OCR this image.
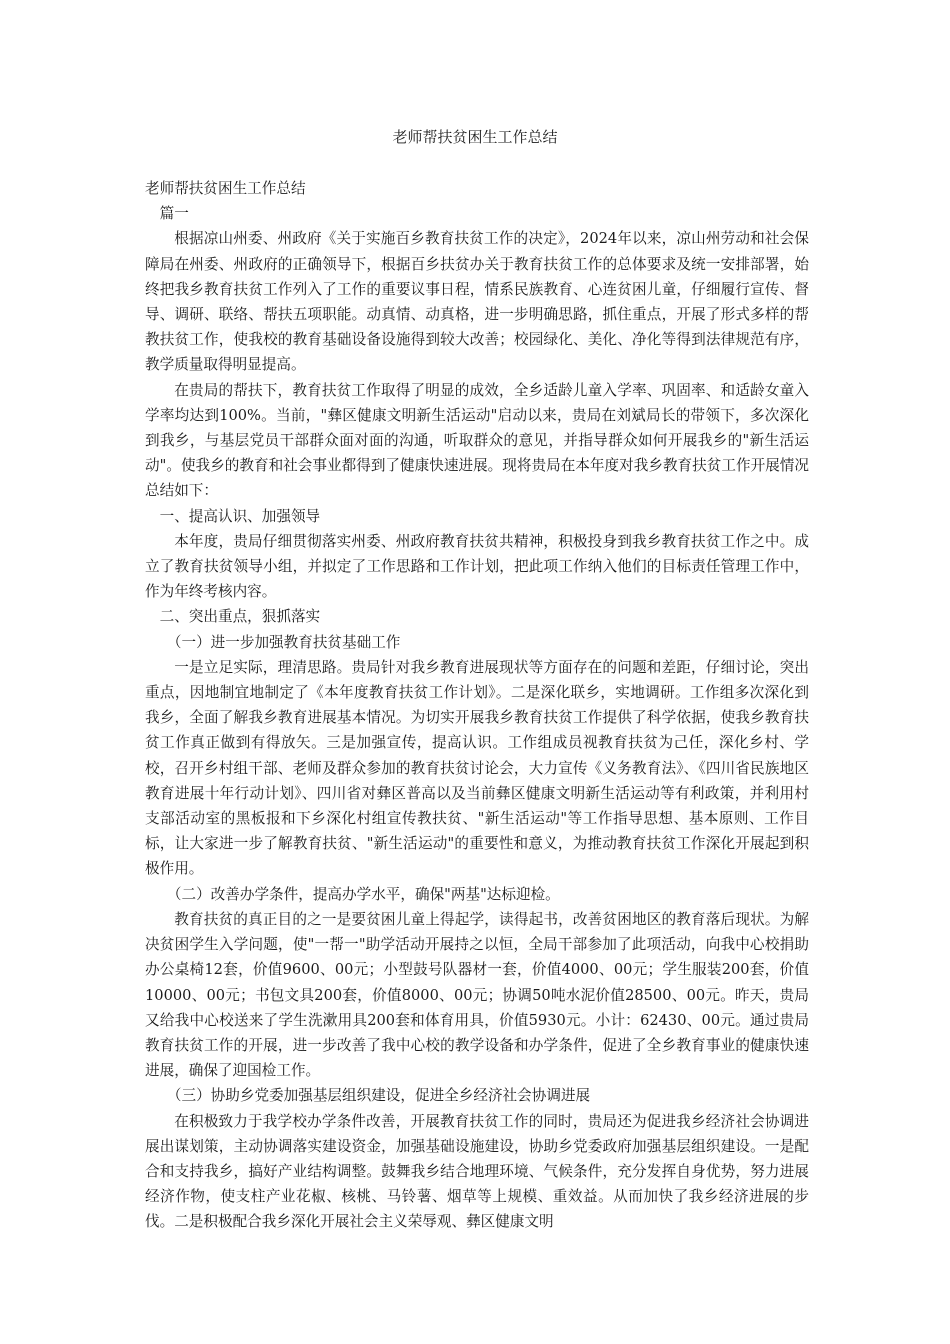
老师帮扶贫困生工作总结

老师帮扶贫困生工作总结

篇一

根据凉山州委、州政府《关于实施百乡教育扶贫工作的决定》，2024年以来，凉山州劳动和社会保障局在州委、州政府的正确领导下，根据百乡扶贫办关于教育扶贫工作的总体要求及统一安排部署，始终把我乡教育扶贫工作列入了工作的重要议事日程，情系民族教育、心连贫困儿童，仔细履行宣传、督导、调研、联络、帮扶五项职能。动真情、动真格，进一步明确思路，抓住重点，开展了形式多样的帮教扶贫工作，使我校的教育基础设备设施得到较大改善；校园绿化、美化、净化等得到法律规范有序，教学质量取得明显提高。

在贵局的帮扶下，教育扶贫工作取得了明显的成效，全乡适龄儿童入学率、巩固率、和适龄女童入学率均达到100%。当前，"彝区健康文明新生活运动"启动以来，贵局在刘斌局长的带领下，多次深化到我乡，与基层党员干部群众面对面的沟通，听取群众的意见，并指导群众如何开展我乡的"新生活运动"。使我乡的教育和社会事业都得到了健康快速进展。现将贵局在本年度对我乡教育扶贫工作开展情况总结如下：

一、提高认识、加强领导

本年度，贵局仔细贯彻落实州委、州政府教育扶贫共精神，积极投身到我乡教育扶贫工作之中。成立了教育扶贫领导小组，并拟定了工作思路和工作计划，把此项工作纳入他们的目标责任管理工作中，作为年终考核内容。

二、突出重点，狠抓落实

（一）进一步加强教育扶贫基础工作

一是立足实际，理清思路。贵局针对我乡教育进展现状等方面存在的问题和差距，仔细讨论，突出重点，因地制宜地制定了《本年度教育扶贫工作计划》。二是深化联乡，实地调研。工作组多次深化到我乡，全面了解我乡教育进展基本情况。为切实开展我乡教育扶贫工作提供了科学依据，使我乡教育扶贫工作真正做到有得放矢。三是加强宣传，提高认识。工作组成员视教育扶贫为己任，深化乡村、学校，召开乡村组干部、老师及群众参加的教育扶贫讨论会，大力宣传《义务教育法》、《四川省民族地区教育进展十年行动计划》、四川省对彝区普高以及当前彝区健康文明新生活运动等有利政策，并利用村支部活动室的黑板报和下乡深化村组宣传教扶贫、"新生活运动"等工作指导思想、基本原则、工作目标，让大家进一步了解教育扶贫、"新生活运动"的重要性和意义，为推动教育扶贫工作深化开展起到积极作用。

（二）改善办学条件，提高办学水平，确保"两基"达标迎检。

教育扶贫的真正目的之一是要贫困儿童上得起学，读得起书，改善贫困地区的教育落后现状。为解决贫困学生入学问题，使"一帮一"助学活动开展持之以恒，全局干部参加了此项活动，向我中心校捐助办公桌椅12套，价值9600、00元；小型鼓号队器材一套，价值4000、00元；学生服装200套，价值10000、00元；书包文具200套，价值8000、00元；协调50吨水泥价值28500、00元。昨天，贵局又给我中心校送来了学生洗漱用具200套和体育用具，价值5930元。小计：62430、00元。通过贵局教育扶贫工作的开展，进一步改善了我中心校的教学设备和办学条件，促进了全乡教育事业的健康快速进展，确保了迎国检工作。

（三）协助乡党委加强基层组织建设，促进全乡经济社会协调进展

在积极致力于我学校办学条件改善，开展教育扶贫工作的同时，贵局还为促进我乡经济社会协调进展出谋划策，主动协调落实建设资金，加强基础设施建设，协助乡党委政府加强基层组织建设。一是配合和支持我乡，搞好产业结构调整。鼓舞我乡结合地理环境、气候条件，充分发挥自身优势，努力进展经济作物，使支柱产业花椒、核桃、马铃薯、烟草等上规模、重效益。从而加快了我乡经济进展的步伐。二是积极配合我乡深化开展社会主义荣辱观、彝区健康文明
